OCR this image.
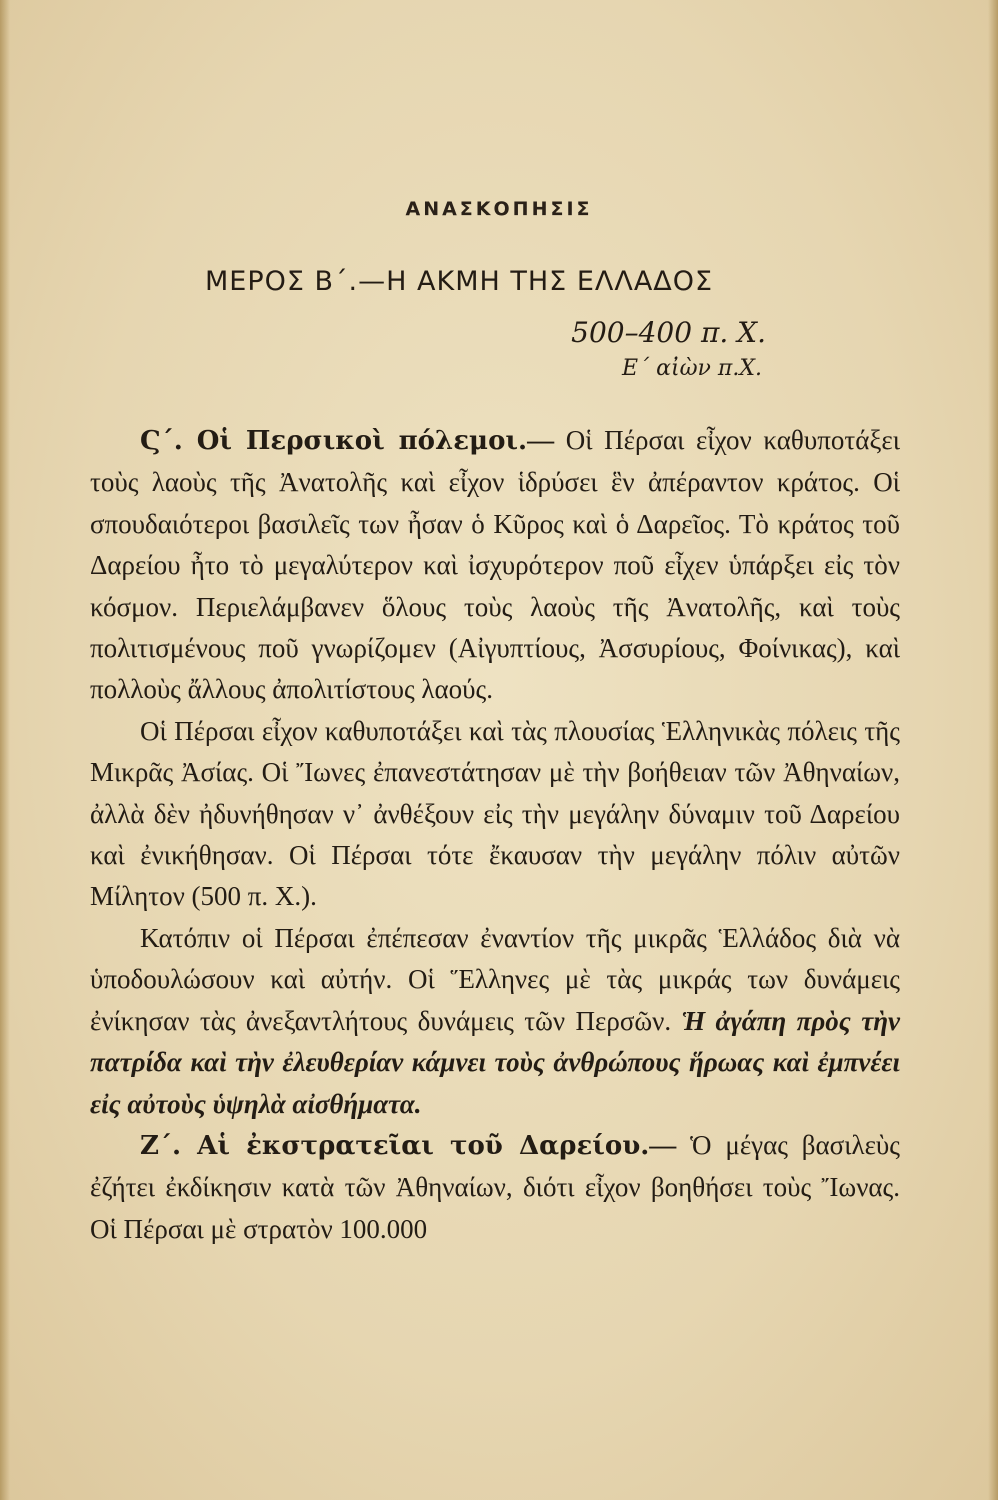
ΑΝΑΣΚΟΠΗΣΙΣ
ΜΕΡΟΣ Β΄.—Η ΑΚΜΗ ΤΗΣ ΕΛΛΑΔΟΣ
500–400 π. Χ.
Ε΄ αἰὼν π.Χ.

Ϛ΄. Οἱ Περσικοὶ πόλεμοι.— Οἱ Πέρσαι εἶχον καθυποτάξει τοὺς λαοὺς τῆς Ἀνατολῆς καὶ εἶχον ἱδρύσει ἓν ἀπέραντον κράτος. Οἱ σπουδαιότεροι βασιλεῖς των ἦσαν ὁ Κῦρος καὶ ὁ Δαρεῖος. Τὸ κράτος τοῦ Δαρείου ἦτο τὸ μεγαλύτερον καὶ ἰσχυρότερον ποῦ εἶχεν ὑπάρξει εἰς τὸν κόσμον. Περιελάμβανεν ὅλους τοὺς λαοὺς τῆς Ἀνατολῆς, καὶ τοὺς πολιτισμένους ποῦ γνωρίζομεν (Αἰγυπτίους, Ἀσσυρίους, Φοίνικας), καὶ πολλοὺς ἄλλους ἀπολιτίστους λαούς.

Οἱ Πέρσαι εἶχον καθυποτάξει καὶ τὰς πλουσίας Ἑλληνικὰς πόλεις τῆς Μικρᾶς Ἀσίας. Οἱ Ἴωνες ἐπανεστάτησαν μὲ τὴν βοήθειαν τῶν Ἀθηναίων, ἀλλὰ δὲν ἠδυνήθησαν ν᾽ ἀνθέξουν εἰς τὴν μεγάλην δύναμιν τοῦ Δαρείου καὶ ἐνικήθησαν. Οἱ Πέρσαι τότε ἔκαυσαν τὴν μεγάλην πόλιν αὐτῶν Μίλητον (500 π. Χ.).

Κατόπιν οἱ Πέρσαι ἐπέπεσαν ἐναντίον τῆς μικρᾶς Ἑλλάδος διὰ νὰ ὑποδουλώσουν καὶ αὐτήν. Οἱ Ἕλληνες μὲ τὰς μικράς των δυνάμεις ἐνίκησαν τὰς ἀνεξαντλήτους δυνάμεις τῶν Περσῶν. Ἡ ἀγάπη πρὸς τὴν πατρίδα καὶ τὴν ἐλευθερίαν κάμνει τοὺς ἀνθρώπους ἥρωας καὶ ἐμπνέει εἰς αὐτοὺς ὑψηλὰ αἰσθήματα.

Ζ΄. Αἱ ἐκστρατεῖαι τοῦ Δαρείου.— Ὁ μέγας βασιλεὺς ἐζήτει ἐκδίκησιν κατὰ τῶν Ἀθηναίων, διότι εἶχον βοηθήσει τοὺς Ἴωνας. Οἱ Πέρσαι μὲ στρατὸν 100.000
